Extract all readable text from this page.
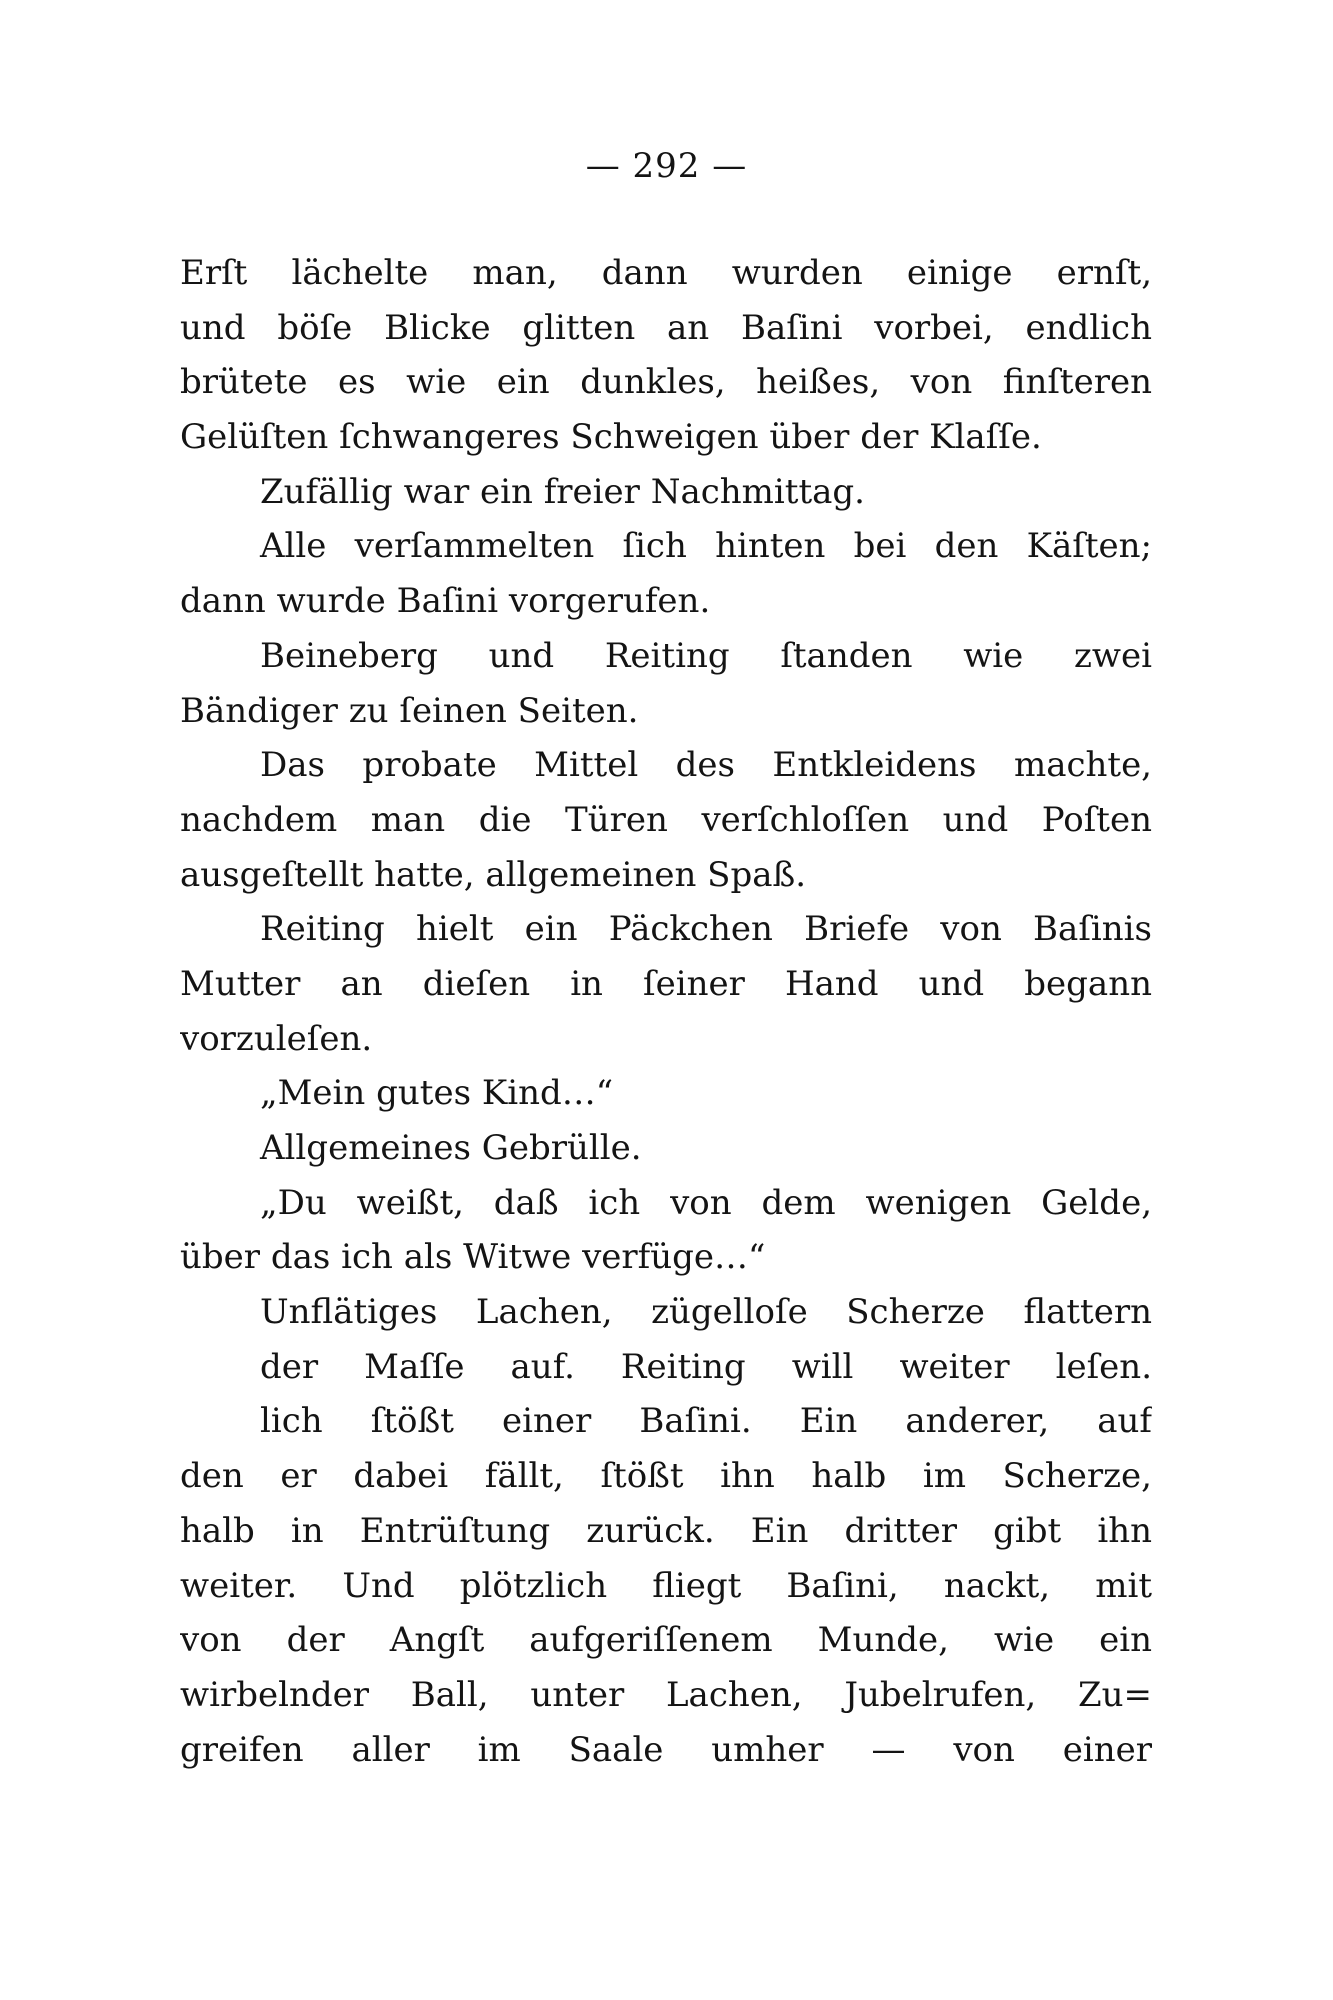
— 292 —
Erſt lächelte man, dann wurden einige ernſt,
und böſe Blicke glitten an Baſini vorbei, endlich
brütete es wie ein dunkles, heißes, von finſteren
Gelüſten ſchwangeres Schweigen über der Klaſſe.
Zufällig war ein freier Nachmittag.
Alle verſammelten ſich hinten bei den Käſten;
dann wurde Baſini vorgerufen.
Beineberg und Reiting ſtanden wie zwei
Bändiger zu ſeinen Seiten.
Das probate Mittel des Entkleidens machte,
nachdem man die Türen verſchloſſen und Poſten
ausgeſtellt hatte, allgemeinen Spaß.
Reiting hielt ein Päckchen Briefe von Baſinis
Mutter an dieſen in ſeiner Hand und begann
vorzuleſen.
„Mein gutes Kind…“
Allgemeines Gebrülle.
„Du weißt, daß ich von dem wenigen Gelde,
über das ich als Witwe verfüge…“
Unflätiges Lachen, zügelloſe Scherze flattern
der Maſſe auf. Reiting will weiter leſen.
lich ſtößt einer Baſini. Ein anderer, auf
den er dabei fällt, ſtößt ihn halb im Scherze,
halb in Entrüſtung zurück. Ein dritter gibt ihn
weiter. Und plötzlich fliegt Baſini, nackt, mit
von der Angſt aufgeriſſenem Munde, wie ein
wirbelnder Ball, unter Lachen, Jubelrufen, Zu=
greifen aller im Saale umher — von einer
